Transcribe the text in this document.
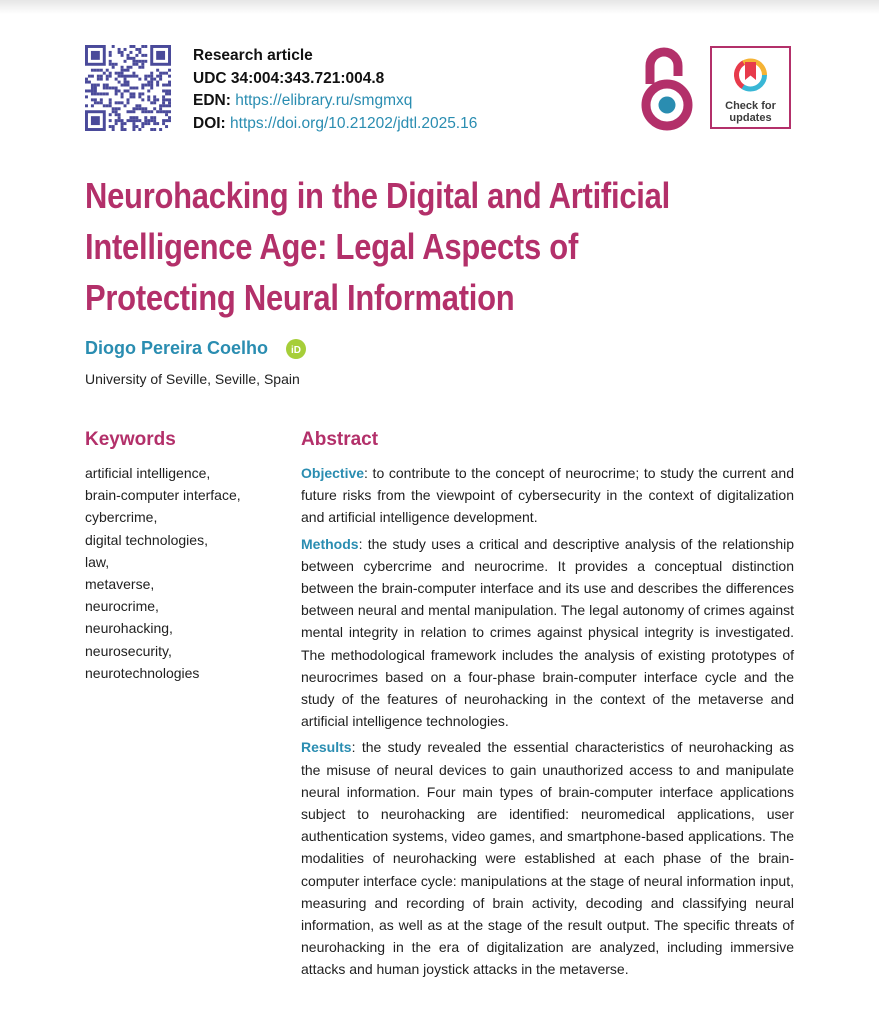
Research article
UDC 34:004:343.721:004.8
EDN: https://elibrary.ru/smgmxq
DOI: https://doi.org/10.21202/jdtl.2025.16
Check for updates
Neurohacking in the Digital and Artificial Intelligence Age: Legal Aspects of Protecting Neural Information
Diogo Pereira Coelho iD
University of Seville, Seville, Spain
Keywords
artificial intelligence,
brain-computer interface,
cybercrime,
digital technologies,
law,
metaverse,
neurocrime,
neurohacking,
neurosecurity,
neurotechnologies
Abstract

Objective: to contribute to the concept of neurocrime; to study the current and future risks from the viewpoint of cybersecurity in the context of digitalization and artificial intelligence development.

Methods: the study uses a critical and descriptive analysis of the relationship between cybercrime and neurocrime. It provides a conceptual distinction between the brain-computer interface and its use and describes the differences between neural and mental manipulation. The legal autonomy of crimes against mental integrity in relation to crimes against physical integrity is investigated. The methodological framework includes the analysis of existing prototypes of neurocrimes based on a four-phase brain-computer interface cycle and the study of the features of neurohacking in the context of the metaverse and artificial intelligence technologies.

Results: the study revealed the essential characteristics of neurohacking as the misuse of neural devices to gain unauthorized access to and manipulate neural information. Four main types of brain-computer interface applications subject to neurohacking are identified: neuromedical applications, user authentication systems, video games, and smartphone-based applications. The modalities of neurohacking were established at each phase of the brain-computer interface cycle: manipulations at the stage of neural information input, measuring and recording of brain activity, decoding and classifying neural information, as well as at the stage of the result output. The specific threats of neurohacking in the era of digitalization are analyzed, including immersive attacks and human joystick attacks in the metaverse.
